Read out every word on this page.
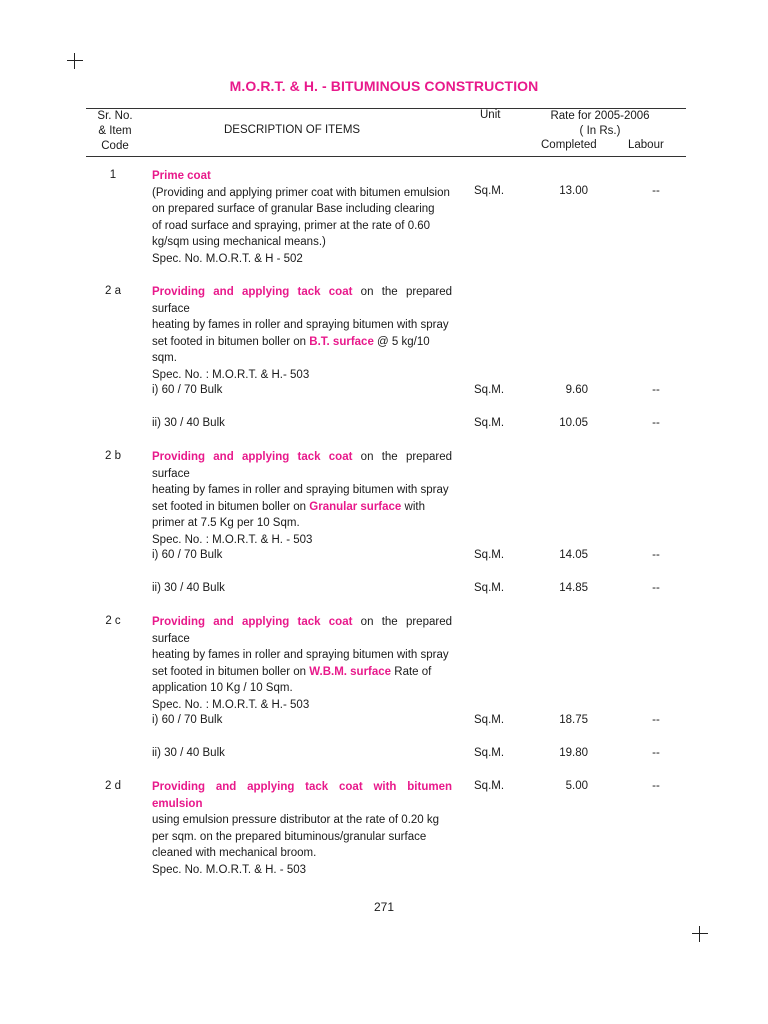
M.O.R.T. & H. - BITUMINOUS CONSTRUCTION
Sr. No.
& Item
Code
DESCRIPTION OF ITEMS
Unit	Rate for 2005-2006
( In Rs.)
Completed	Labour
1	Prime coat
(Providing and applying primer coat with bitumen emulsion
on prepared surface of granular Base including clearing
of road surface and spraying, primer at the rate of 0.60
kg/sqm using mechanical means.)
Spec. No. M.O.R.T. & H - 502
Sq.M.	13.00	--
2 a	Providing and applying tack coat on the prepared surface
heating by fames in roller and spraying bitumen with spray
set footed in bitumen boller on B.T. surface @ 5 kg/10
sqm.
Spec. No. : M.O.R.T. & H.- 503
i) 60 / 70 Bulk	Sq.M.	9.60	--
ii) 30 / 40 Bulk	Sq.M.	10.05	--
2 b	Providing and applying tack coat on the prepared surface
heating by fames in roller and spraying bitumen with spray
set footed in bitumen boller on Granular surface with
primer at 7.5 Kg per 10 Sqm.
Spec. No. : M.O.R.T. & H. - 503
i) 60 / 70 Bulk	Sq.M.	14.05	--
ii) 30 / 40 Bulk	Sq.M.	14.85	--
2 c	Providing and applying tack coat on the prepared surface
heating by fames in roller and spraying bitumen with spray
set footed in bitumen boller on W.B.M. surface Rate of
application 10 Kg / 10 Sqm.
Spec. No. : M.O.R.T. & H.- 503
i) 60 / 70 Bulk	Sq.M.	18.75	--
ii) 30 / 40 Bulk	Sq.M.	19.80	--
2 d	Providing and applying tack coat with bitumen emulsion
using emulsion pressure distributor at the rate of 0.20 kg
per sqm. on the prepared bituminous/granular surface
cleaned with mechanical broom.
Spec. No. M.O.R.T. & H. - 503
Sq.M.	5.00	--
271
